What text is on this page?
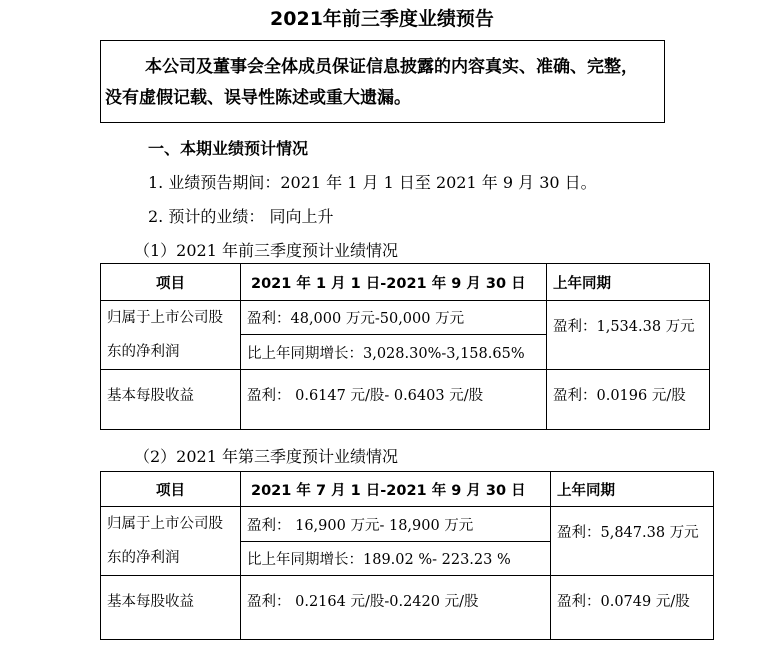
2021年前三季度业绩预告
本公司及董事会全体成员保证信息披露的内容真实、准确、完整，
没有虚假记载、误导性陈述或重大遗漏。
一、本期业绩预计情况
1. 业绩预告期间：2021 年 1 月 1 日至 2021 年 9 月 30 日。
2. 预计的业绩： 同向上升
（1）2021 年前三季度预计业绩情况
项目	2021 年 1 月 1 日-2021 年 9 月 30 日	上年同期

归属于上市公司股
东的净利润	盈利：48,000 万元-50,000 万元	盈利：1,534.38 万元
	比上年同期增长：3,028.30%-3,158.65%	
基本每股收益	盈利： 0.6147 元/股- 0.6403 元/股	盈利：0.0196 元/股
（2）2021 年第三季度预计业绩情况
项目	2021 年 7 月 1 日-2021 年 9 月 30 日	上年同期

归属于上市公司股
东的净利润	盈利： 16,900 万元- 18,900 万元	盈利：5,847.38 万元
	比上年同期增长：189.02 %- 223.23 %	
基本每股收益	盈利： 0.2164 元/股-0.2420 元/股	盈利：0.0749 元/股
